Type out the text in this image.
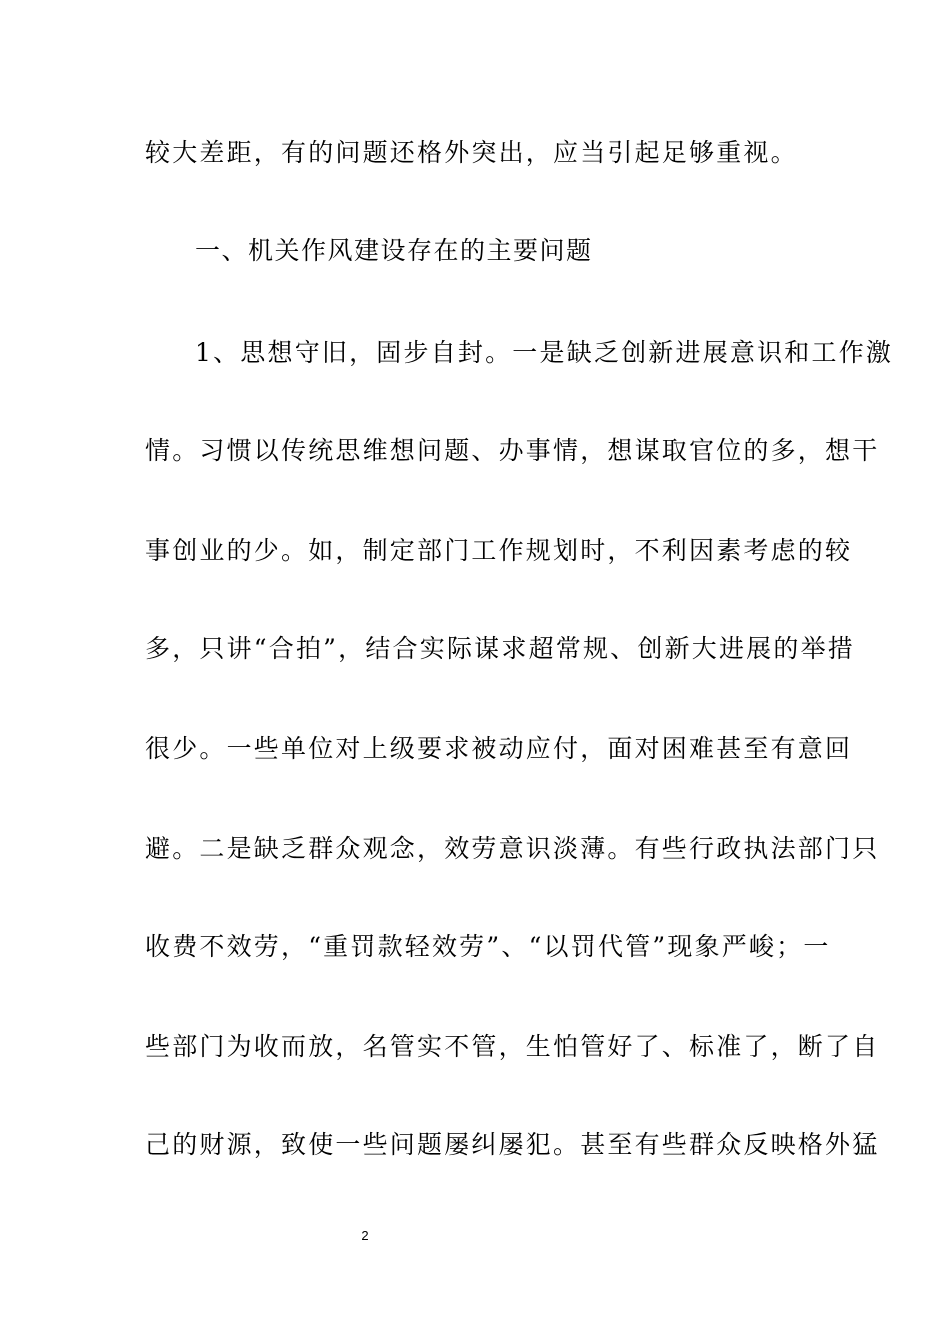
较大差距，有的问题还格外突出，应当引起足够重视。
一、机关作风建设存在的主要问题
1、思想守旧，固步自封。一是缺乏创新进展意识和工作激
情。习惯以传统思维想问题、办事情，想谋取官位的多，想干
事创业的少。如，制定部门工作规划时，不利因素考虑的较
多，只讲“合拍”，结合实际谋求超常规、创新大进展的举措
很少。一些单位对上级要求被动应付，面对困难甚至有意回
避。二是缺乏群众观念，效劳意识淡薄。有些行政执法部门只
收费不效劳，“重罚款轻效劳”、“以罚代管”现象严峻；一
些部门为收而放，名管实不管，生怕管好了、标准了，断了自
己的财源，致使一些问题屡纠屡犯。甚至有些群众反映格外猛
2
